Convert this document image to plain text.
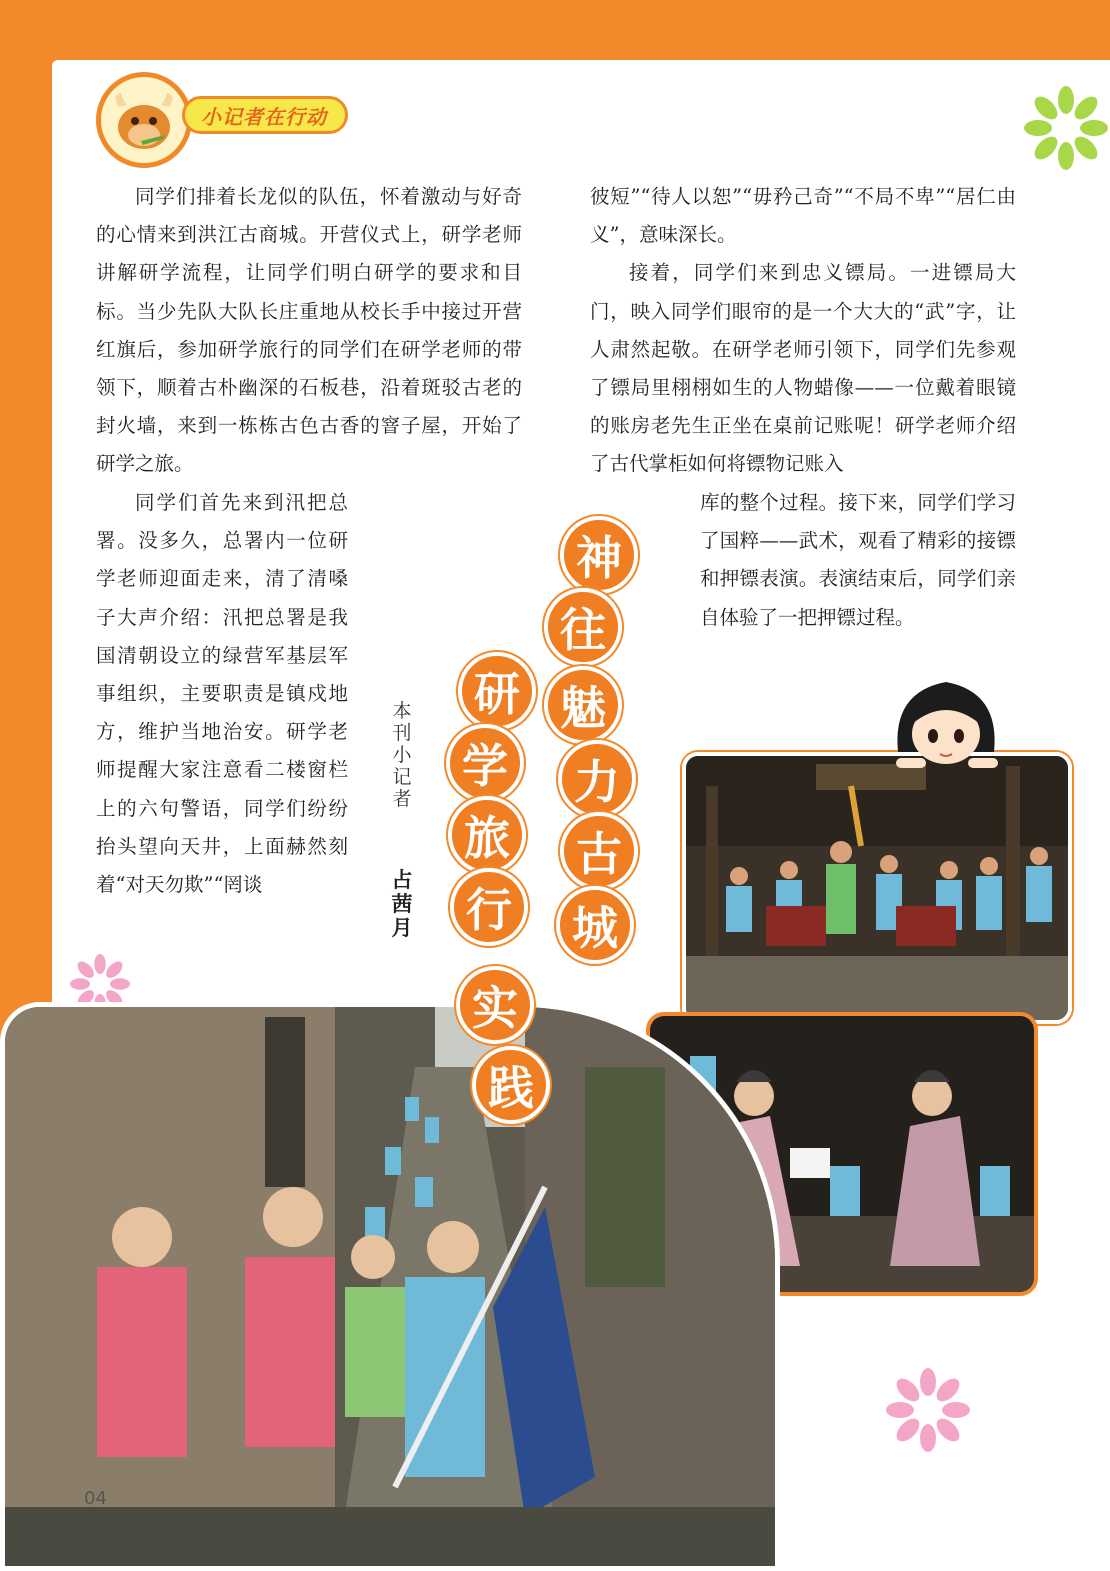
小记者在行动

同学们排着长龙似的队伍，怀着激动与好奇的心情来到洪江古商城。开营仪式上，研学老师讲解研学流程，让同学们明白研学的要求和目标。当少先队大队长庄重地从校长手中接过开营红旗后，参加研学旅行的同学们在研学老师的带领下，顺着古朴幽深的石板巷，沿着斑驳古老的封火墙，来到一栋栋古色古香的窨子屋，开始了研学之旅。

同学们首先来到汛把总署。没多久，总署内一位研学老师迎面走来，清了清嗓子大声介绍：汛把总署是我国清朝设立的绿营军基层军事组织，主要职责是镇戍地方，维护当地治安。研学老师提醒大家注意看二楼窗栏上的六句警语，同学们纷纷抬头望向天井，上面赫然刻着“对天勿欺”“罔谈

彼短”“待人以恕”“毋矜己奇”“不局不卑”“居仁由义”，意味深长。

接着，同学们来到忠义镖局。一进镖局大门，映入同学们眼帘的是一个大大的“武”字，让人肃然起敬。在研学老师引领下，同学们先参观了镖局里栩栩如生的人物蜡像——一位戴着眼镜的账房老先生正坐在桌前记账呢！研学老师介绍了古代掌柜如何将镖物记账入

库的整个过程。接下来，同学们学习了国粹——武术，观看了精彩的接镖和押镖表演。表演结束后，同学们亲自体验了一把押镖过程。

本刊小记者
占茜月
神
往
魅
力
古
城
研
学
旅
行
实
践
04
